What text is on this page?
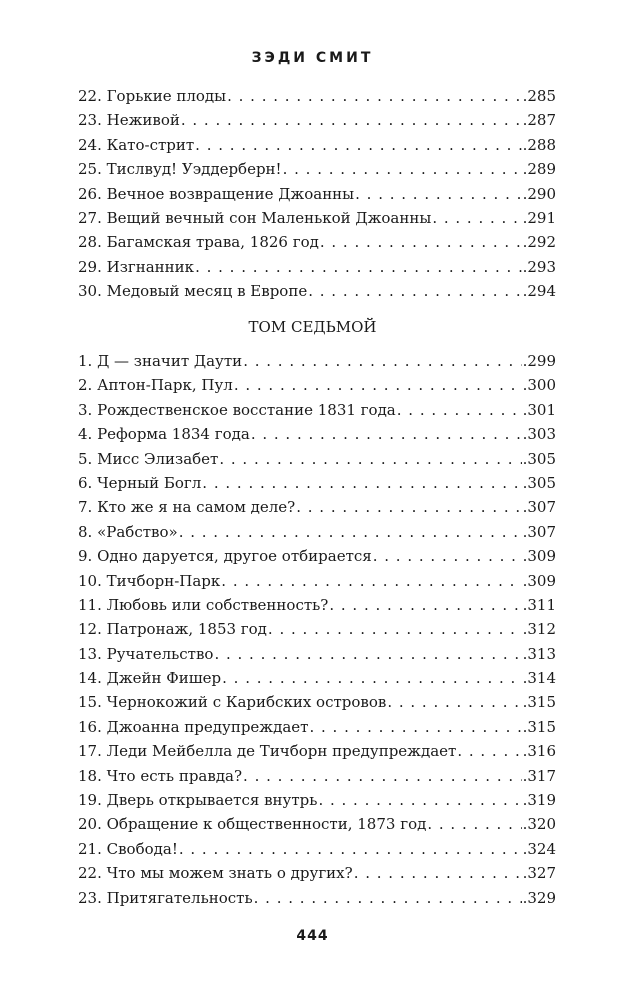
ЗЭДИ СМИТ
22. Горькие плоды . . .	.285
23. Неживой . . .	.287
24. Като-стрит . . .	.288
25. Тислвуд! Уэддерберн! . . .	.289
26. Вечное возвращение Джоанны . . .	.290
27. Вещий вечный сон Маленькой Джоанны . . .	.291
28. Багамская трава, 1826 год . . .	.292
29. Изгнанник . . .	.293
30. Медовый месяц в Европе . . .	.294
ТОМ СЕДЬМОЙ
1. Д — значит Даути . . .	.299
2. Аптон-Парк, Пул . . .	.300
3. Рождественское восстание 1831 года . . .	.301
4. Реформа 1834 года . . .	.303
5. Мисс Элизабет . . .	.305
6. Черный Богл . . .	.305
7. Кто же я на самом деле? . . .	.307
8. «Рабство» . . .	.307
9. Одно даруется, другое отбирается . . .	.309
10. Тичборн-Парк . . .	.309
11. Любовь или собственность? . . .	.311
12. Патронаж, 1853 год . . .	.312
13. Ручательство . . .	.313
14. Джейн Фишер . . .	.314
15. Чернокожий с Карибских островов . . .	.315
16. Джоанна предупреждает . . .	.315
17. Леди Мейбелла де Тичборн предупреждает . . .	.316
18. Что есть правда? . . .	.317
19. Дверь открывается внутрь . . .	.319
20. Обращение к общественности, 1873 год . . .	.320
21. Свобода! . . .	.324
22. Что мы можем знать о других? . . .	.327
23. Притягательность . . .	.329
444
